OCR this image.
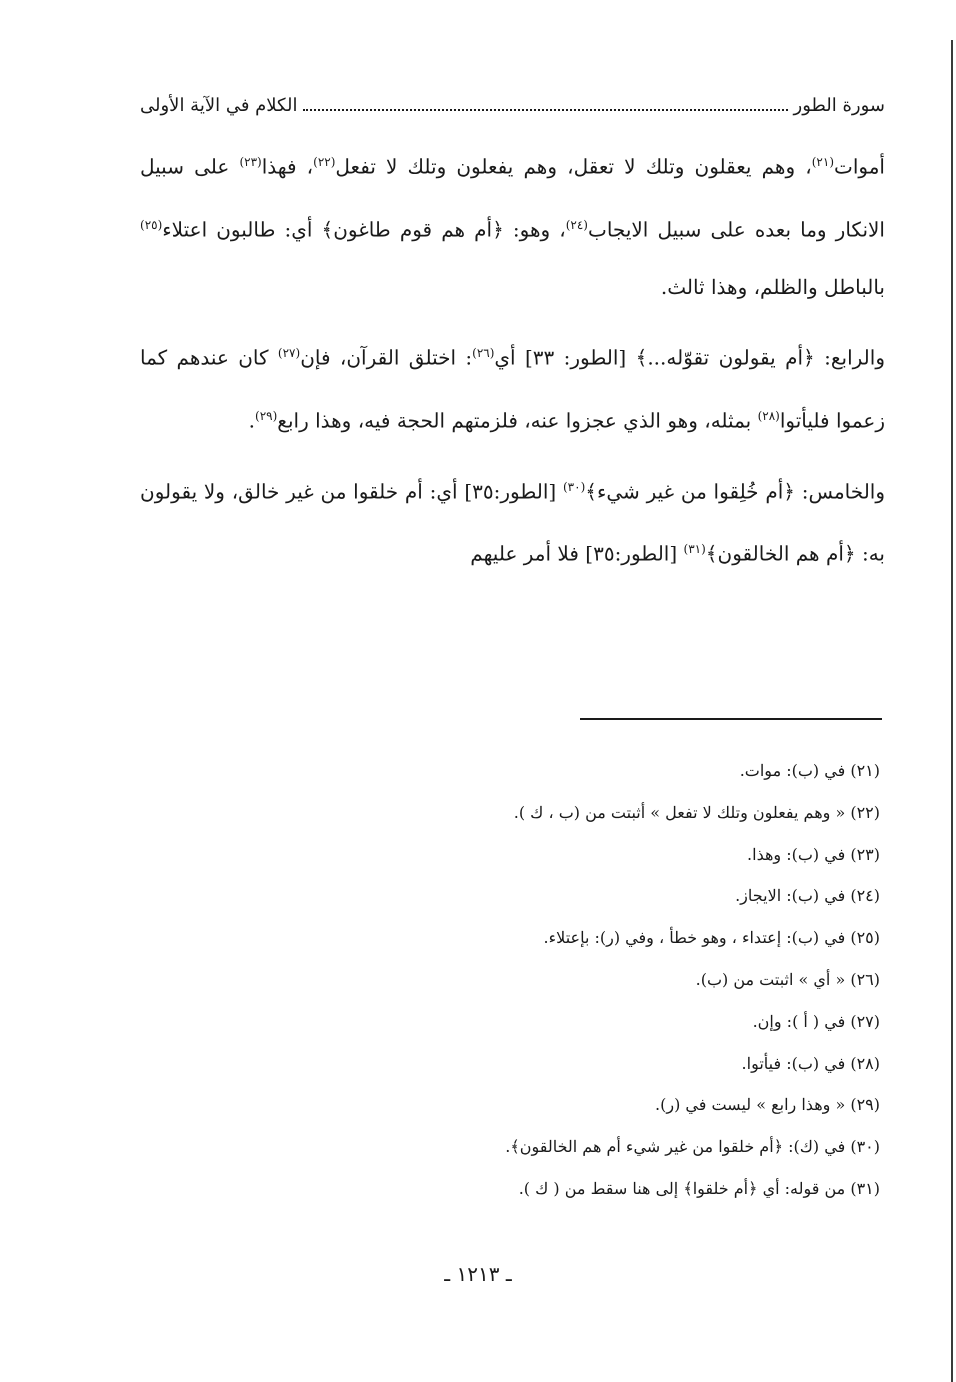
سورة الطور
الكلام في الآية الأولى

أموات$^{(٢١)}$، وهم يعقلون وتلك لا تعقل، وهم يفعلون وتلك لا تفعل$^{(٢٢)}$، فهذا$^{(٢٣)}$ على سبيل الانكار وما بعده على سبيل الايجاب$^{(٢٤)}$، وهو: ﴿أم هم قوم طاغون﴾ أي: طالبون اعتلاء$^{(٢٥)}$ بالباطل والظلم، وهذا ثالث.

والرابع: ﴿أم يقولون تقوّله...﴾ [الطور: ٣٣] أي$^{(٢٦)}$: اختلق القرآن، فإن$^{(٢٧)}$ كان عندهم كما زعموا فليأتوا$^{(٢٨)}$ بمثله، وهو الذي عجزوا عنه، فلزمتهم الحجة فيه، وهذا رابع$^{(٢٩)}$.

والخامس: ﴿أم خُلِقوا من غير شيء﴾$^{(٣٠)}$ [الطور:٣٥] أي: أم خلقوا من غير خالق، ولا يقولون به: ﴿أم هم الخالقون﴾$^{(٣١)}$ [الطور:٣٥] فلا أمر عليهم

(٢١) في (ب): موات.
(٢٢) « وهم يفعلون وتلك لا تفعل » أثبتت من (ب ، ك ).
(٢٣) في (ب): وهذا.
(٢٤) في (ب): الايجاز.
(٢٥) في (ب): إعتداء ، وهو خطأ ، وفي (ر): بإعتلاء.
(٢٦) « أي » اثبتت من (ب).
(٢٧) في ( أ ): وإن.
(٢٨) في (ب): فيأتوا.
(٢٩) « وهذا رابع » ليست في (ر).
(٣٠) في (ك): ﴿أم خلقوا من غير شيء أم هم الخالقون﴾.
(٣١) من قوله: أي ﴿أم خلقوا﴾ إلى هنا سقط من ( ك ).
ـ ١٢١٣ ـ
